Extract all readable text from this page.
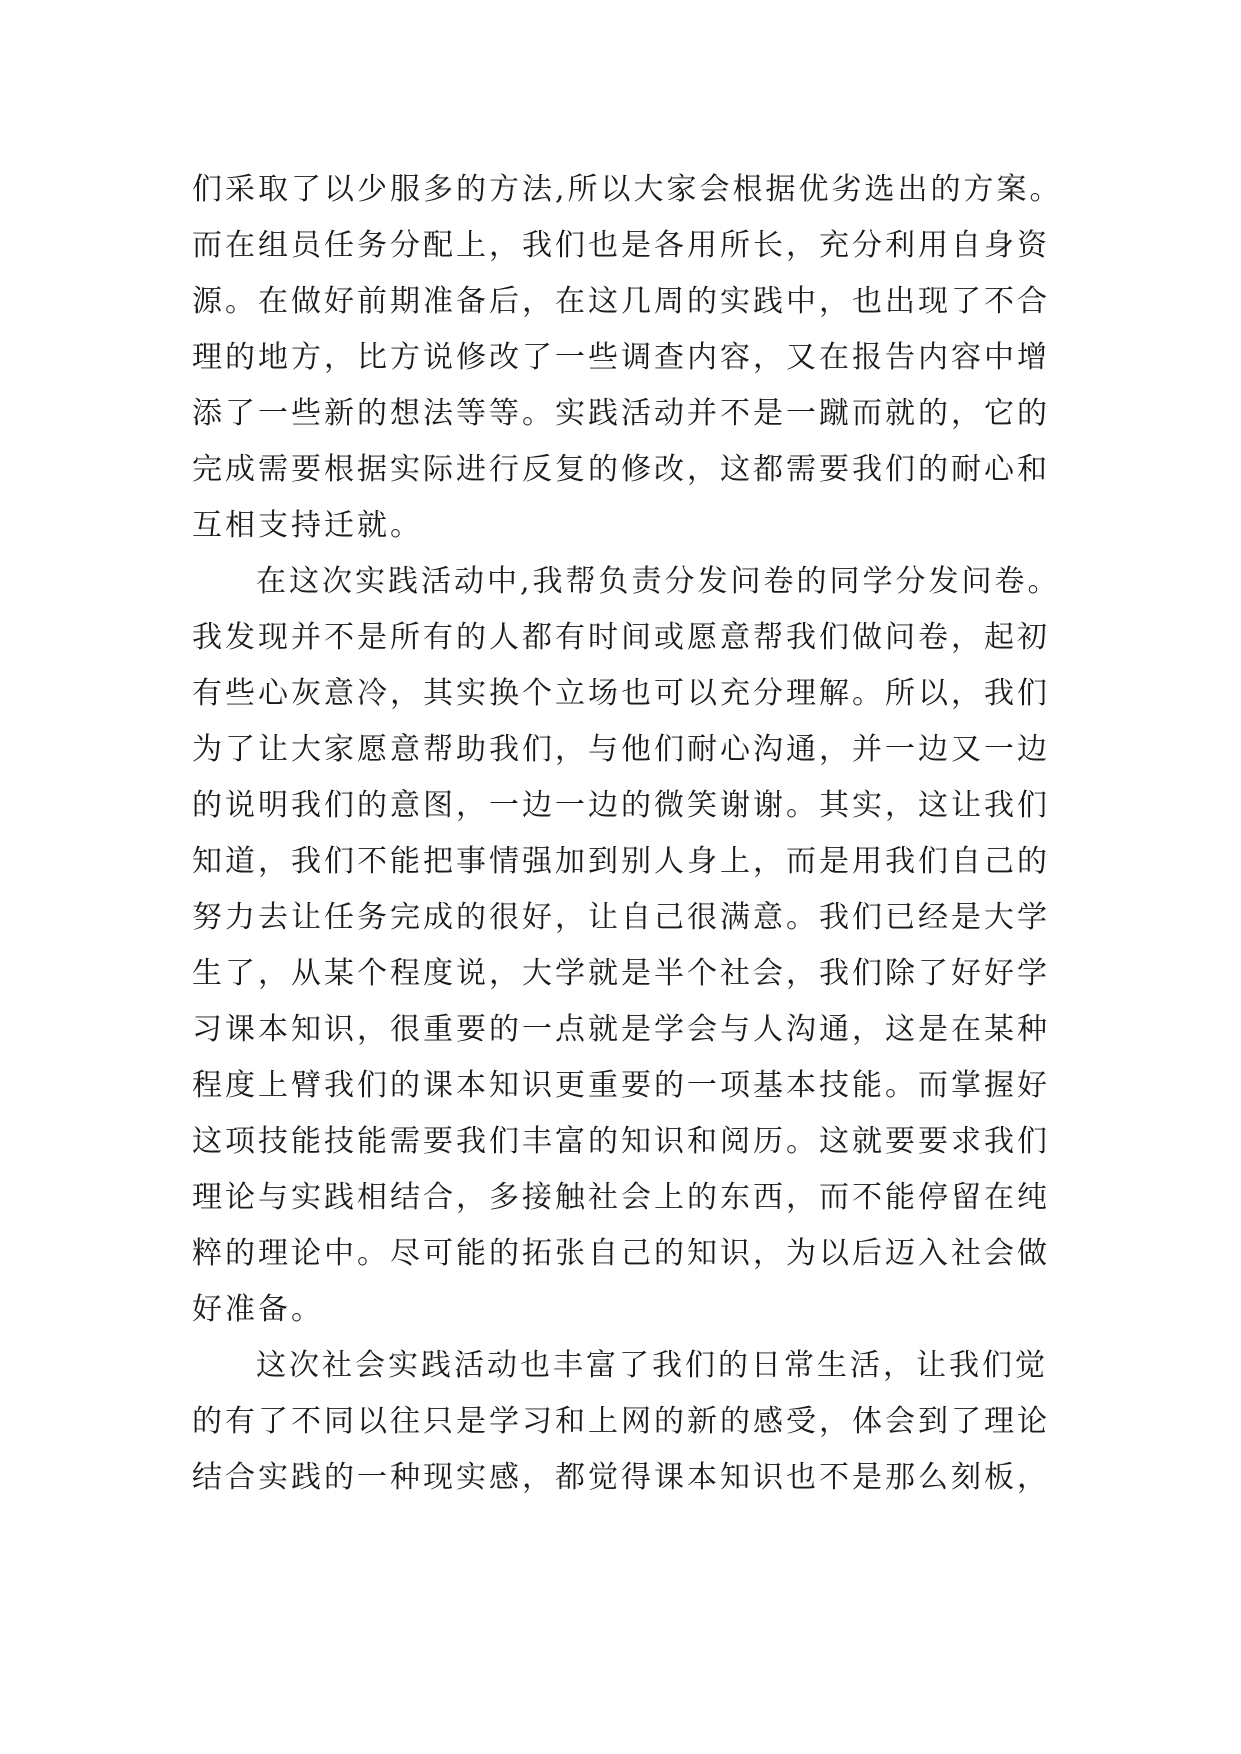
们采取了以少服多的方法,所以大家会根据优劣选出的方案。
而在组员任务分配上，我们也是各用所长，充分利用自身资
源。在做好前期准备后，在这几周的实践中，也出现了不合
理的地方，比方说修改了一些调查内容，又在报告内容中增
添了一些新的想法等等。实践活动并不是一蹴而就的，它的
完成需要根据实际进行反复的修改，这都需要我们的耐心和
互相支持迁就。
在这次实践活动中,我帮负责分发问卷的同学分发问卷。
我发现并不是所有的人都有时间或愿意帮我们做问卷，起初
有些心灰意冷，其实换个立场也可以充分理解。所以，我们
为了让大家愿意帮助我们，与他们耐心沟通，并一边又一边
的说明我们的意图，一边一边的微笑谢谢。其实，这让我们
知道，我们不能把事情强加到别人身上，而是用我们自己的
努力去让任务完成的很好，让自己很满意。我们已经是大学
生了，从某个程度说，大学就是半个社会，我们除了好好学
习课本知识，很重要的一点就是学会与人沟通，这是在某种
程度上臂我们的课本知识更重要的一项基本技能。而掌握好
这项技能技能需要我们丰富的知识和阅历。这就要要求我们
理论与实践相结合，多接触社会上的东西，而不能停留在纯
粹的理论中。尽可能的拓张自己的知识，为以后迈入社会做
好准备。
这次社会实践活动也丰富了我们的日常生活，让我们觉
的有了不同以往只是学习和上网的新的感受，体会到了理论
结合实践的一种现实感，都觉得课本知识也不是那么刻板，
